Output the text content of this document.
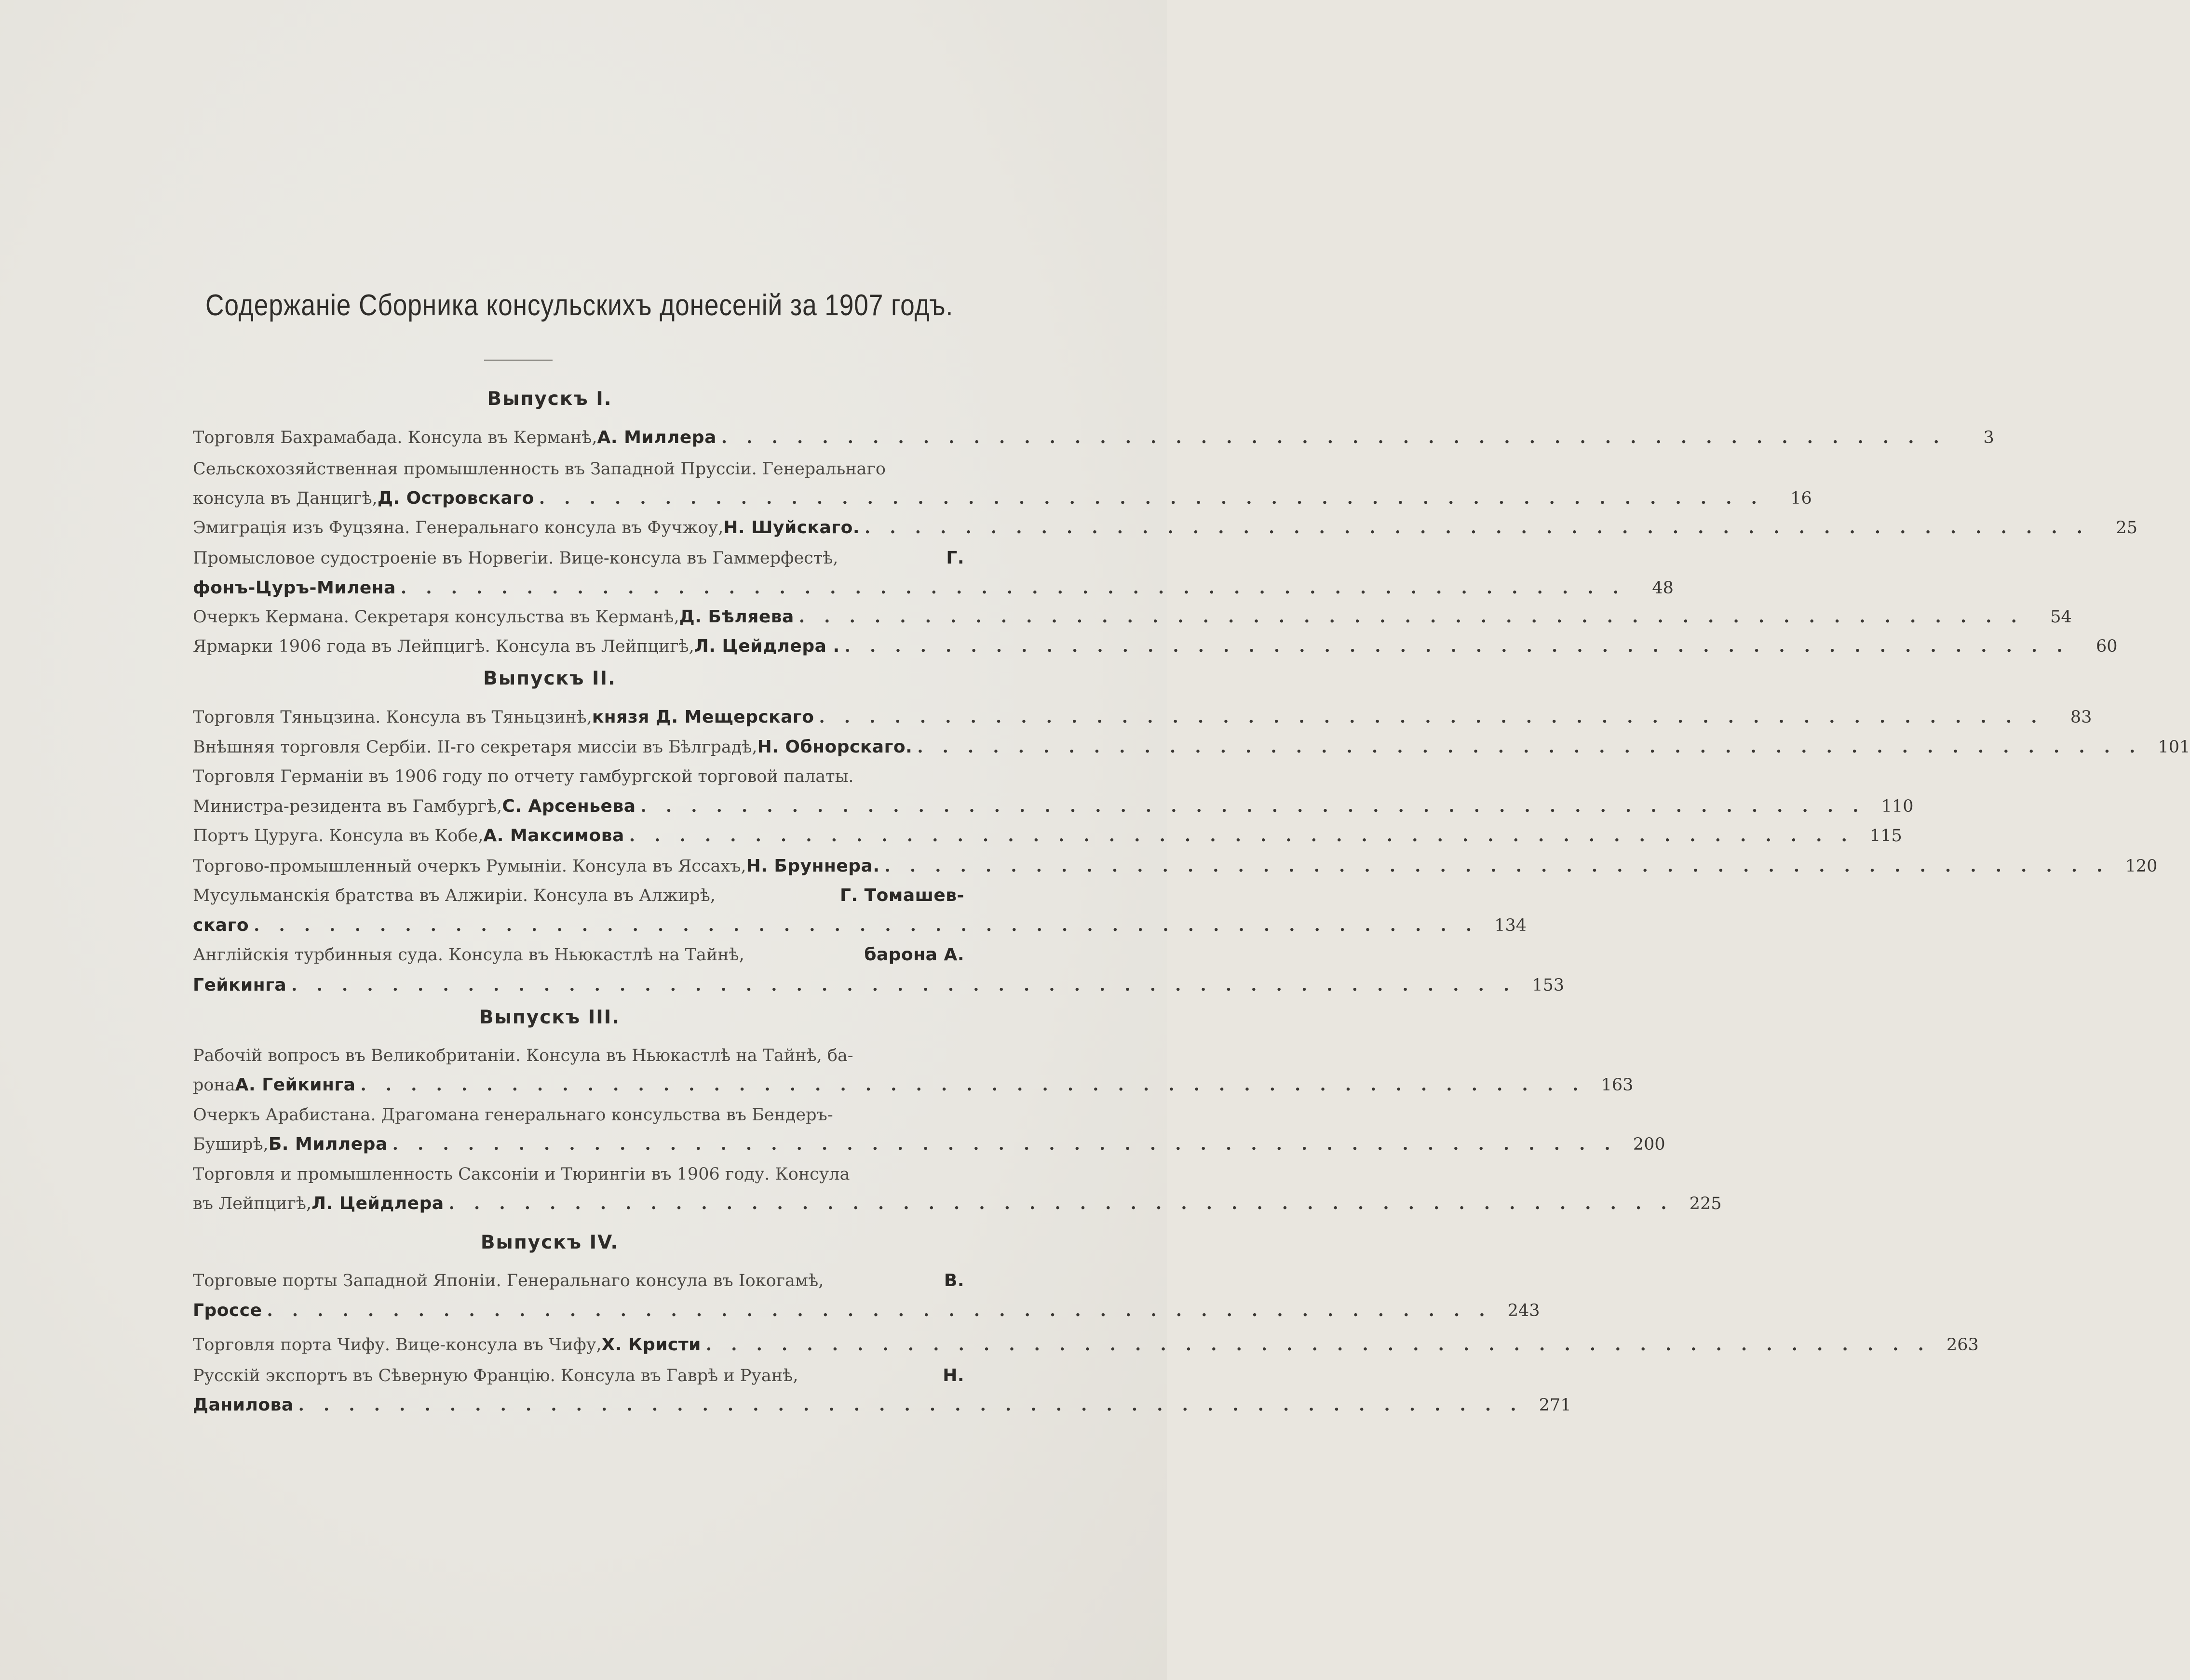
Содержаніе Сборника консульскихъ донесеній за 1907 годъ.
Выпускъ I.
Торговля Бахрамабада. Консула въ Керманѣ, А. Миллера . . . . . . . . . . . . . . . . . . . . . . . . . . . . . . . . . . . . . . . . . . . . . . . . .	3
Сельскохозяйственная промышленность въ Западной Пруссіи. Генеральнаго
консула въ Данцигѣ, Д. Островскаго . . . . . . . . . . . . . . . . . . . . . . . . . . . . . . . . . . . . . . . . . . . . . . . . .	16
Эмиграція изъ Фуцзяна. Генеральнаго консула въ Фучжоу, Н. Шуйскаго. . . . . . . . . . . . . . . . . . . . . . . . . . . . . . . . . . . . . . . . . . . . . . . . . .	25
Промысловое судостроеніе въ Норвегіи. Вице-консула въ Гаммерфестѣ,	Г.
фонъ-Цуръ-Милена . . . . . . . . . . . . . . . . . . . . . . . . . . . . . . . . . . . . . . . . . . . . . . . . .	48
Очеркъ Кермана. Секретаря консульства въ Керманѣ, Д. Бѣляева . . . . . . . . . . . . . . . . . . . . . . . . . . . . . . . . . . . . . . . . . . . . . . . . .	54
Ярмарки 1906 года въ Лейпцигѣ. Консула въ Лейпцигѣ, Л. Цейдлера . . . . . . . . . . . . . . . . . . . . . . . . . . . . . . . . . . . . . . . . . . . . . . . . . .	60
Выпускъ II.
Торговля Тяньцзина. Консула въ Тяньцзинѣ, князя Д. Мещерскаго . . . . . . . . . . . . . . . . . . . . . . . . . . . . . . . . . . . . . . . . . . . . . . . . .	83
Внѣшняя торговля Сербіи. II-го секретаря миссіи въ Бѣлградѣ, Н. Обнорскаго. . . . . . . . . . . . . . . . . . . . . . . . . . . . . . . . . . . . . . . . . . . . . . . . . . 101
Торговля Германіи въ 1906 году по отчету гамбургской торговой палаты.
Министра-резидента въ Гамбургѣ, С. Арсеньева . . . . . . . . . . . . . . . . . . . . . . . . . . . . . . . . . . . . . . . . . . . . . . . . . 110
Портъ Цуруга. Консула въ Кобе, А. Максимова . . . . . . . . . . . . . . . . . . . . . . . . . . . . . . . . . . . . . . . . . . . . . . . . . 115
Торгово-промышленный очеркъ Румыніи. Консула въ Яссахъ, Н. Бруннера. . . . . . . . . . . . . . . . . . . . . . . . . . . . . . . . . . . . . . . . . . . . . . . . . . 120
Мусульманскія братства въ Алжиріи. Консула въ Алжирѣ,	Г. Томашев-
скаго . . . . . . . . . . . . . . . . . . . . . . . . . . . . . . . . . . . . . . . . . . . . . . . . . 134
Англійскія турбинныя суда. Консула въ Ньюкастлѣ на Тайнѣ,	барона А.
Гейкинга . . . . . . . . . . . . . . . . . . . . . . . . . . . . . . . . . . . . . . . . . . . . . . . . . 153
Выпускъ III.
Рабочій вопросъ въ Великобританіи. Консула въ Ньюкастлѣ на Тайнѣ, ба-
рона А. Гейкинга . . . . . . . . . . . . . . . . . . . . . . . . . . . . . . . . . . . . . . . . . . . . . . . . . 163
Очеркъ Арабистана. Драгомана генеральнаго консульства въ Бендеръ-
Буширѣ, Б. Миллера . . . . . . . . . . . . . . . . . . . . . . . . . . . . . . . . . . . . . . . . . . . . . . . . . 200
Торговля и промышленность Саксоніи и Тюрингіи въ 1906 году. Консула
въ Лейпцигѣ, Л. Цейдлера . . . . . . . . . . . . . . . . . . . . . . . . . . . . . . . . . . . . . . . . . . . . . . . . . 225
Выпускъ IV.
Торговые порты Западной Японіи. Генеральнаго консула въ Іокогамѣ,	В.
Гроссе . . . . . . . . . . . . . . . . . . . . . . . . . . . . . . . . . . . . . . . . . . . . . . . . . 243
Торговля порта Чифу. Вице-консула въ Чифу, Х. Кристи . . . . . . . . . . . . . . . . . . . . . . . . . . . . . . . . . . . . . . . . . . . . . . . . . 263
Русскій экспортъ въ Сѣверную Францію. Консула въ Гаврѣ и Руанѣ,	Н.
Данилова . . . . . . . . . . . . . . . . . . . . . . . . . . . . . . . . . . . . . . . . . . . . . . . . . 271
